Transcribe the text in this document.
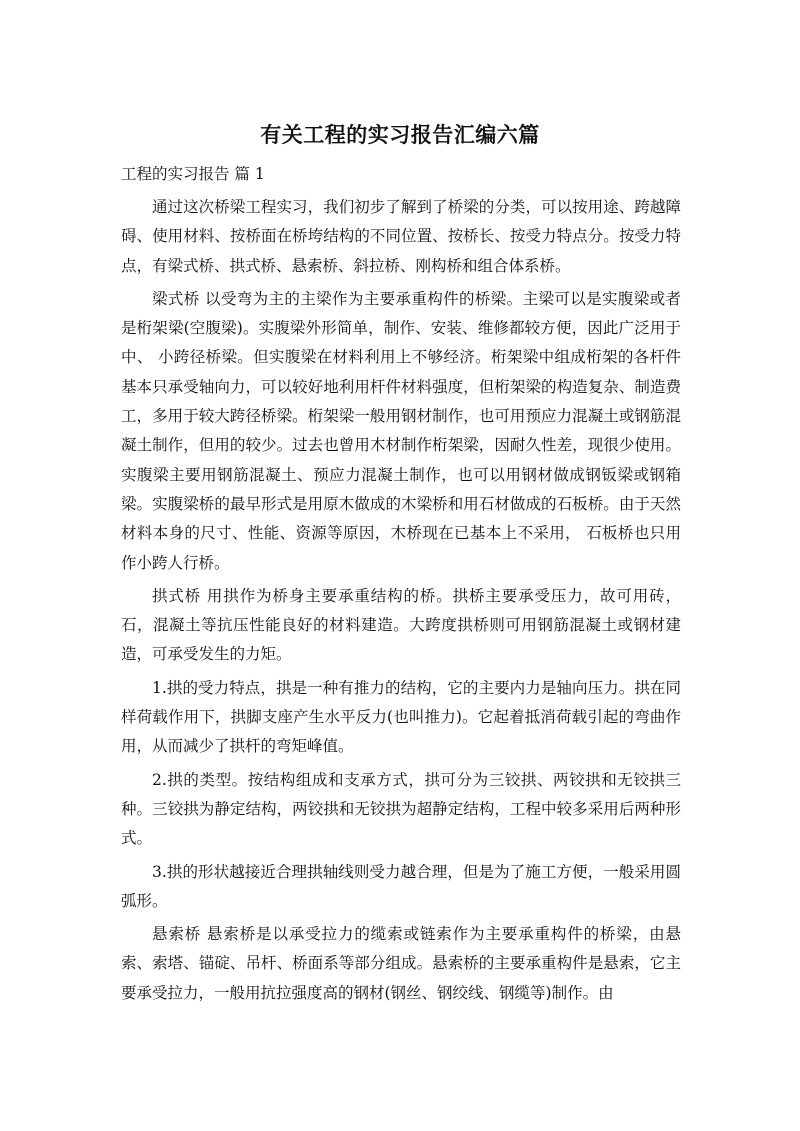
有关工程的实习报告汇编六篇
工程的实习报告 篇 1

通过这次桥梁工程实习，我们初步了解到了桥梁的分类，可以按用途、跨越障碍、使用材料、按桥面在桥垮结构的不同位置、按桥长、按受力特点分。按受力特点，有梁式桥、拱式桥、悬索桥、斜拉桥、刚构桥和组合体系桥。

梁式桥 以受弯为主的主梁作为主要承重构件的桥梁。主梁可以是实腹梁或者是桁架梁(空腹梁)。实腹梁外形简单，制作、安装、维修都较方便，因此广泛用于中、 小跨径桥梁。但实腹梁在材料利用上不够经济。桁架梁中组成桁架的各杆件基本只承受轴向力，可以较好地利用杆件材料强度，但桁架梁的构造复杂、制造费工，多用于较大跨径桥梁。桁架梁一般用钢材制作，也可用预应力混凝土或钢筋混凝土制作，但用的较少。过去也曾用木材制作桁架梁，因耐久性差，现很少使用。实腹梁主要用钢筋混凝土、预应力混凝土制作，也可以用钢材做成钢钣梁或钢箱梁。实腹梁桥的最早形式是用原木做成的木梁桥和用石材做成的石板桥。由于天然材料本身的尺寸、性能、资源等原因，木桥现在已基本上不采用， 石板桥也只用作小跨人行桥。

拱式桥 用拱作为桥身主要承重结构的桥。拱桥主要承受压力，故可用砖，石，混凝土等抗压性能良好的材料建造。大跨度拱桥则可用钢筋混凝土或钢材建造，可承受发生的力矩。

1.拱的受力特点，拱是一种有推力的结构，它的主要内力是轴向压力。拱在同样荷载作用下，拱脚支座产生水平反力(也叫推力)。它起着抵消荷载引起的弯曲作用，从而减少了拱杆的弯矩峰值。

2.拱的类型。按结构组成和支承方式，拱可分为三铰拱、两铰拱和无铰拱三种。三铰拱为静定结构，两铰拱和无铰拱为超静定结构，工程中较多采用后两种形式。

3.拱的形状越接近合理拱轴线则受力越合理，但是为了施工方便，一般采用圆弧形。

悬索桥 悬索桥是以承受拉力的缆索或链索作为主要承重构件的桥梁，由悬索、索塔、锚碇、吊杆、桥面系等部分组成。悬索桥的主要承重构件是悬索，它主要承受拉力，一般用抗拉强度高的钢材(钢丝、钢绞线、钢缆等)制作。由
